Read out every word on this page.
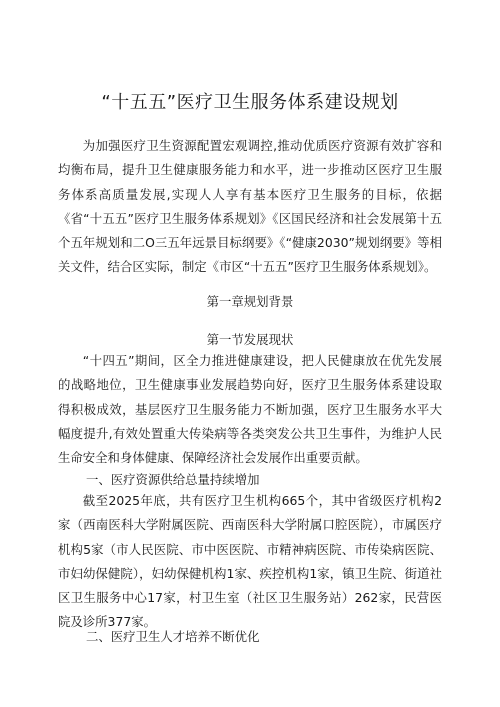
“十五五”医疗卫生服务体系建设规划

为加强医疗卫生资源配置宏观调控,推动优质医疗资源有效扩容和均衡布局，提升卫生健康服务能力和水平，进一步推动区医疗卫生服务体系高质量发展,实现人人享有基本医疗卫生服务的目标，依据《省“十五五”医疗卫生服务体系规划》《区国民经济和社会发展第十五个五年规划和二O三五年远景目标纲要》《“健康2030”规划纲要》等相关文件，结合区实际，制定《市区“十五五”医疗卫生服务体系规划》。

第一章规划背景

第一节发展现状

“十四五”期间，区全力推进健康建设，把人民健康放在优先发展的战略地位，卫生健康事业发展趋势向好，医疗卫生服务体系建设取得积极成效，基层医疗卫生服务能力不断加强，医疗卫生服务水平大幅度提升,有效处置重大传染病等各类突发公共卫生事件，为维护人民生命安全和身体健康、保障经济社会发展作出重要贡献。

一、医疗资源供给总量持续增加

截至2025年底，共有医疗卫生机构665个，其中省级医疗机构2家（西南医科大学附属医院、西南医科大学附属口腔医院），市属医疗机构5家（市人民医院、市中医医院、市精神病医院、市传染病医院、市妇幼保健院），妇幼保健机构1家、疾控机构1家，镇卫生院、街道社区卫生服务中心17家，村卫生室（社区卫生服务站）262家，民营医院及诊所377家。

二、医疗卫生人才培养不断优化
